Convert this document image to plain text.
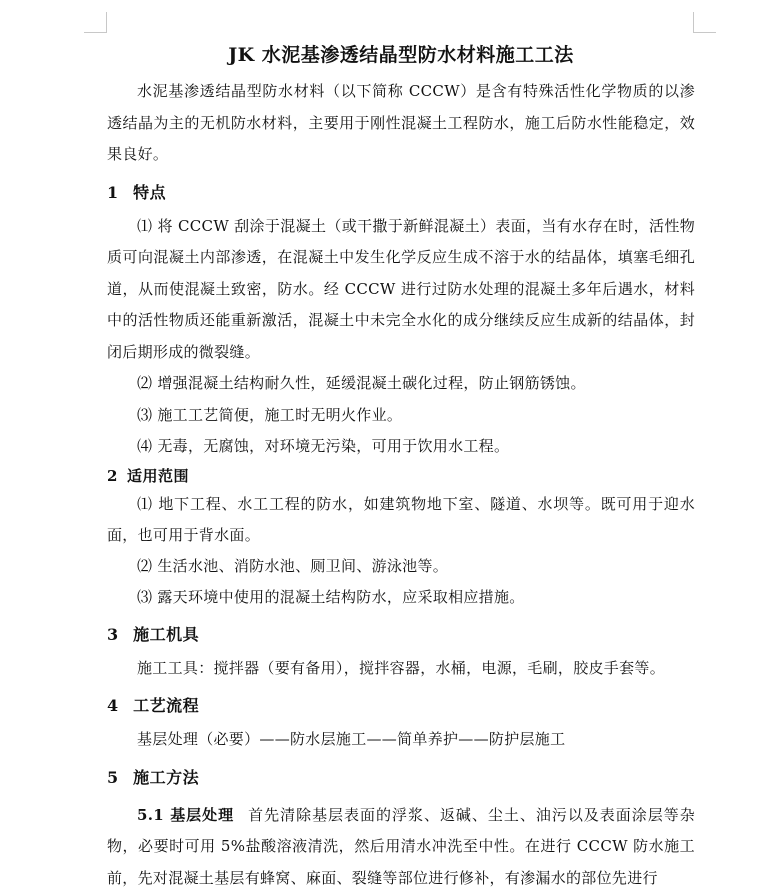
JK 水泥基渗透结晶型防水材料施工工法

水泥基渗透结晶型防水材料（以下简称 CCCW）是含有特殊活性化学物质的以渗透结晶为主的无机防水材料，主要用于刚性混凝土工程防水，施工后防水性能稳定，效果良好。

1 特点

⑴ 将 CCCW 刮涂于混凝土（或干撒于新鲜混凝土）表面，当有水存在时，活性物质可向混凝土内部渗透，在混凝土中发生化学反应生成不溶于水的结晶体，填塞毛细孔道，从而使混凝土致密，防水。经 CCCW 进行过防水处理的混凝土多年后遇水，材料中的活性物质还能重新激活，混凝土中未完全水化的成分继续反应生成新的结晶体，封闭后期形成的微裂缝。

⑵ 增强混凝土结构耐久性，延缓混凝土碳化过程，防止钢筋锈蚀。

⑶ 施工工艺简便，施工时无明火作业。

⑷ 无毒，无腐蚀，对环境无污染，可用于饮用水工程。

2 适用范围

⑴ 地下工程、水工工程的防水，如建筑物地下室、隧道、水坝等。既可用于迎水面，也可用于背水面。

⑵ 生活水池、消防水池、厕卫间、游泳池等。

⑶ 露天环境中使用的混凝土结构防水，应采取相应措施。

3 施工机具

施工工具：搅拌器（要有备用），搅拌容器，水桶，电源，毛刷，胶皮手套等。

4 工艺流程

基层处理（必要）——防水层施工——简单养护——防护层施工

5 施工方法

5.1 基层处理 首先清除基层表面的浮浆、返碱、尘土、油污以及表面涂层等杂物，必要时可用 5%盐酸溶液清洗，然后用清水冲洗至中性。在进行 CCCW 防水施工前，先对混凝土基层有蜂窝、麻面、裂缝等部位进行修补，有渗漏水的部位先进行
